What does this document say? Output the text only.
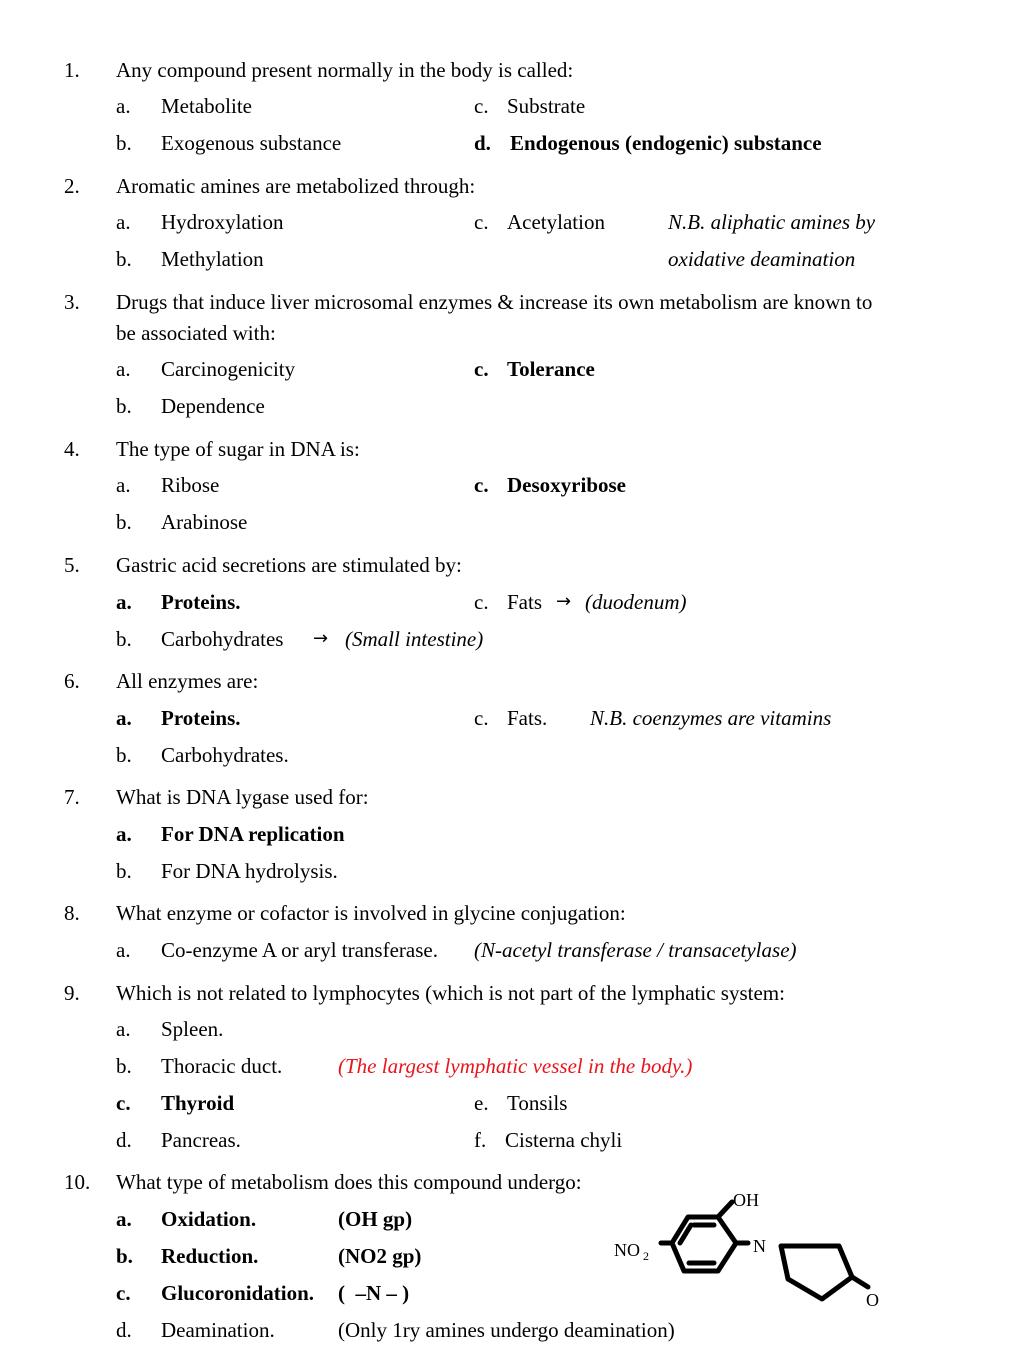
1. Any compound present normally in the body is called:
a. Metabolite	c. Substrate
b. Exogenous substance	d. Endogenous (endogenic) substance
2. Aromatic amines are metabolized through:
a. Hydroxylation	c. Acetylation	N.B. aliphatic amines by
b. Methylation	oxidative deamination
3. Drugs that induce liver microsomal enzymes & increase its own metabolism are known to
be associated with:
a. Carcinogenicity	c. Tolerance
b. Dependence
4. The type of sugar in DNA is:
a. Ribose	c. Desoxyribose
b. Arabinose
5. Gastric acid secretions are stimulated by:
a. Proteins.	c. Fats → (duodenum)
b. Carbohydrates → (Small intestine)
6. All enzymes are:
a. Proteins.	c. Fats. N.B. coenzymes are vitamins
b. Carbohydrates.
7. What is DNA lygase used for:
a. For DNA replication
b. For DNA hydrolysis.
8. What enzyme or cofactor is involved in glycine conjugation:
a. Co-enzyme A or aryl transferase. (N-acetyl transferase / transacetylase)
9. Which is not related to lymphocytes (which is not part of the lymphatic system:
a. Spleen.
b. Thoracic duct.	(The largest lymphatic vessel in the body.)
c. Thyroid	e. Tonsils
d. Pancreas.	f. Cisterna chyli
10. What type of metabolism does this compound undergo:
a. Oxidation.	(OH gp)
b. Reduction.	(NO2 gp)
c. Glucoronidation. (  –N – )
d. Deamination.	(Only 1ry amines undergo deamination)
OH
NO 2	N
O
